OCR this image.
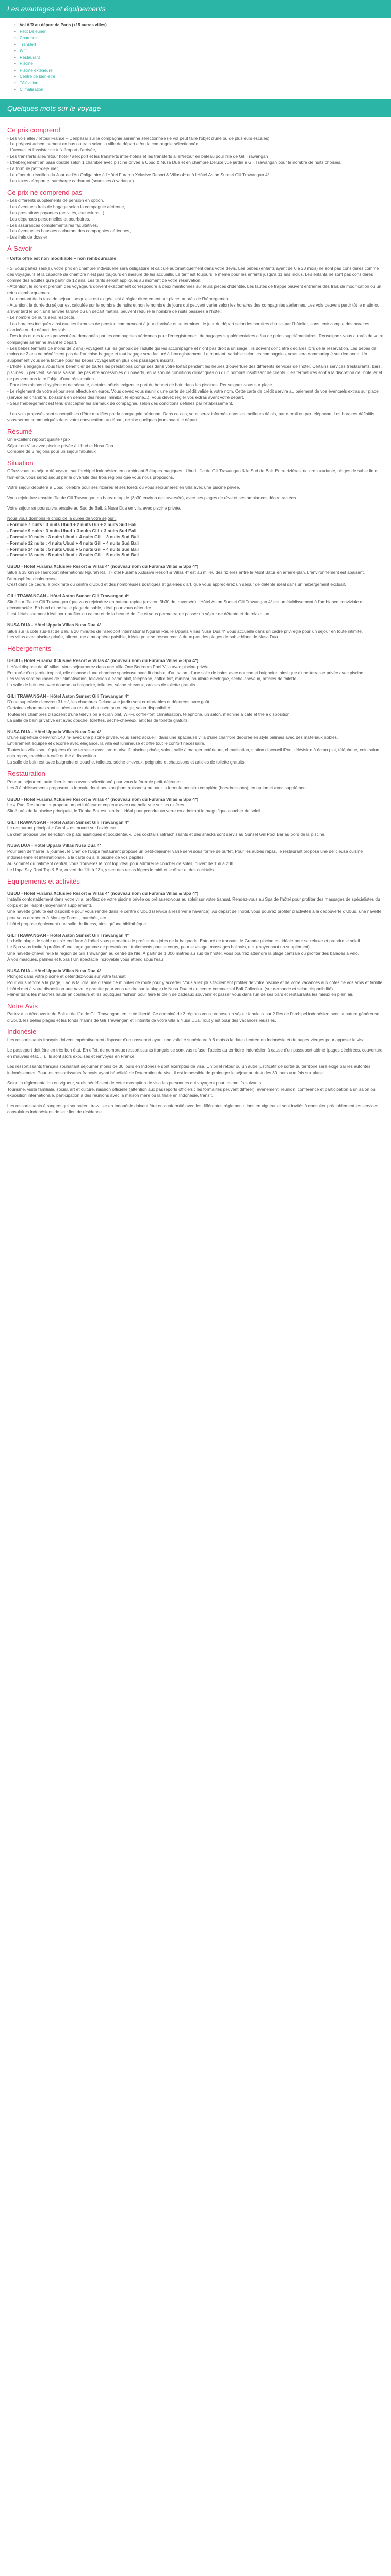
Les avantages et équipements
• Vol A/R au départ de Paris (+15 autres villes)
• Petit Déjeuner
• Chambre
• Transfert
• Wifi
• Restaurant
• Piscine
• Piscine extérieure
• Centre de bien-être
• Télévision
• Climatisation
Quelques mots sur le voyage
Ce prix comprend
- Les vols aller / retour France – Denpasar sur la compagnie aérienne sélectionnée (le vol peut faire l'objet d'une ou de plusieurs escales),
- Le pré/post acheminement en bus ou train selon la ville de départ et/ou la compagnie sélectionnée,
- L'accueil et l'assistance à l'aéroport d'arrivée,
- Les transferts aller/retour hôtel / aéroport et les transferts inter-hôtels et les transferts aller/retour en bateau pour l'île de Gili Trawangan
- L'hébergement en base double selon 1 chambre avec piscine privée à Ubud & Nusa Dua et en chambre Deluxe vue jardin à Gili Trawangan pour le nombre de nuits choisies,
- La formule petit-déjeuner,
- Le dîner du réveillon du Jour de l'An Obligatoire à l'Hôtel Furama Xclusive Resort & Villas 4* et à l'Hôtel Aston Sunset Gili Trawangan 4*
- Les taxes aéroport et surcharge carburant (soumises à variation).
Ce prix ne comprend pas
- Les différents suppléments de pension en option,
- Les éventuels frais de bagage selon la compagnie aérienne,
- Les prestations payantes (activités, excursions...),
- Les dépenses personnelles et pourboires,
- Les assurances complémentaires facultatives,
- Les éventuelles hausses carburant des compagnies aériennes,
- Les frais de dossier
À Savoir
- Cette offre est non modifiable – non remboursable
- Si vous partez seul(e), votre prix en chambre individuelle sera obligatoire et calculé automatiquement dans votre devis. Les bébés (enfants ayant de 0 à 23 mois) ne sont pas considérés comme des voyageurs et la capacité de chambre n'est pas toujours en mesure de les accueillir. Le tarif est toujours le même pour les enfants jusqu'à 11 ans inclus. Les enfants ne sont pas considérés comme des adultes qu'à partir de 12 ans. Les tarifs seront appliqués au moment de votre réservation.
- Attention, le nom et prénom des voyageurs doivent exactement correspondre à ceux mentionnés sur leurs pièces d'identité. Les fautes de frappe peuvent entraîner des frais de modification ou un refus d'embarquement.
- Le montant de la taxe de séjour, lorsqu'elle est exigée, est à régler directement sur place, auprès de l'hébergement.
- Attention, la durée du séjour est calculée sur le nombre de nuits et non le nombre de jours qui peuvent varier selon les horaires des compagnies aériennes. Les vols peuvent partir tôt le matin ou arriver tard le soir, une arrivée tardive ou un départ matinal peuvent réduire le nombre de nuits passées à l'hôtel.
- Le nombre de nuits sera respecté.
- Les horaires indiqués ainsi que les formules de pension commencent à jour d'arrivée et se terminent le jour du départ selon les horaires choisis par l'hôtelier, sans tenir compte des horaires d'arrivée ou de départ des vols.
- Des frais et des taxes peuvent être demandés par les compagnies aériennes pour l'enregistrement de bagages supplémentaires et/ou de poids supplémentaires. Renseignez-vous auprès de votre compagnie aérienne avant le départ.
- Les bébés (enfants de moins de 2 ans) voyagent sur les genoux de l'adulte qui les accompagne et n'ont pas droit à un siège ; ils doivent donc être déclarés lors de la réservation. Les bébés de moins de 2 ans ne bénéficient pas de franchise bagage et tout bagage sera facturé à l'enregistrement. Le montant, variable selon les compagnies, vous sera communiqué sur demande. Un supplément vous sera facturé pour les bébés voyageant en plus des passagers inscrits.
- L'hôtel s'engage à vous faire bénéficier de toutes les prestations comprises dans votre forfait pendant les heures d'ouverture des différents services de l'hôtel. Certains services (restaurants, bars, piscines...) peuvent, selon la saison, ne pas être accessibles ou ouverts, en raison de conditions climatiques ou d'un nombre insuffisant de clients. Ces fermetures sont à la discrétion de l'hôtelier et ne peuvent pas faire l'objet d'une réclamation.
- Pour des raisons d'hygiène et de sécurité, certains hôtels exigent le port du bonnet de bain dans les piscines. Renseignez-vous sur place.
- Le règlement de votre séjour sera effectué en euros. Vous devez vous munir d'une carte de crédit valide à votre nom. Cette carte de crédit servira au paiement de vos éventuels extras sur place (service en chambre, boissons en dehors des repas, minibar, téléphone...). Vous devez régler vos extras avant votre départ.
- Seul l'hébergement est tenu d'accepter les animaux de compagnie, selon des conditions définies par l'établissement.
- Les vols proposés sont susceptibles d'être modifiés par la compagnie aérienne. Dans ce cas, vous serez informés dans les meilleurs délais, par e-mail ou par téléphone. Les horaires définitifs vous seront communiqués dans votre convocation au départ, remise quelques jours avant le départ.
Résumé
Un excellent rapport qualité / prix
Séjour en Villa avec piscine privée à Ubud et Nusa Dua
Combiné de 3 régions pour un séjour fabuleux
Situation
Offrez-vous un séjour dépaysant sur l'archipel Indonésien en combinant 3 étapes magiques : Ubud, l'île de Gili Trawangan & le Sud de Bali. Entre rizières, nature luxuriante, plages de sable fin et farniente, vous serez séduit par la diversité des trois régions que vous nous proposons.
Votre séjour débutera à Ubud, célèbre pour ses rizières et ses forêts où vous séjournerez en villa avec une piscine privée.
Vous rejoindrez ensuite l'île de Gili Trawangan en bateau rapide (3h30 environ de traversée), avec ses plages de rêve et ses ambiances décontractées.
Votre séjour se poursuivra ensuite au Sud de Bali, à Nusa Dua en villa avec piscine privée.
Nous vous donnons le choix de la durée de votre séjour :
- Formule 7 nuits : 3 nuits Ubud + 2 nuits Gili + 2 nuits Sud Bali
- Formule 9 nuits : 3 nuits Ubud + 3 nuits Gili + 3 nuits Sud Bali
- Formule 10 nuits : 3 nuits Ubud + 4 nuits Gili + 3 nuits Sud Bali
- Formule 12 nuits : 4 nuits Ubud + 4 nuits Gili + 4 nuits Sud Bali
- Formule 14 nuits : 5 nuits Ubud + 5 nuits Gili + 4 nuits Sud Bali
- Formule 18 nuits : 5 nuits Ubud + 8 nuits Gili + 5 nuits Sud Bali
UBUD - Hôtel Furama Xclusive Resort & Villas 4* (nouveau nom du Furama Villas & Spa 4*)
Situé à 35 km de l'aéroport international Ngurah Rai, l'Hôtel Furama Xclusive Resort & Villas 4* est au milieu des rizières entre le Mont Batur en arrière-plan. L'environnement est apaisant, l'atmosphère chaleureuse.
C'est dans ce cadre, à proximité du centre d'Ubud et des nombreuses boutiques et galeries d'art, que vous apprécierez un séjour de détente idéal dans un hébergement exclusif.
GILI TRAWANGAN - Hôtel Aston Sunset Gili Trawangan 4*
Situé sur l'île de Gili Trawangan (que vous rejoindrez en bateau rapide (environ 3h30 de traversée), l'Hôtel Aston Sunset Gili Trawangan 4* est un établissement à l'ambiance conviviale et décontractée. En bord d'une belle plage de sable, idéal pour vous détendre.
Il est l'établissement idéal pour profiter du calme et de la beauté de l'île et vous permettra de passer un séjour de détente et de relaxation.
NUSA DUA - Hôtel Uppala Villas Nusa Dua 4*
Situé sur la côte sud-est de Bali, à 20 minutes de l'aéroport international Ngurah Rai, le Uppala Villas Nusa Dua 4* vous accueille dans un cadre privilégié pour un séjour en toute intimité.
Les villas avec piscine privée, offrent une atmosphère paisible, idéale pour se ressourcer, à deux pas des plages de sable blanc de Nusa Dua.
Hébergements
UBUD - Hôtel Furama Xclusive Resort & Villas 4* (nouveau nom du Furama Villas & Spa 4*)
L'Hôtel dispose de 40 villas. Vous séjournerez dans une Villa One Bedroom Pool Villa avec piscine privée.
Entourée d'un jardin tropical, elle dispose d'une chambre spacieuse avec lit double, d'un salon, d'une salle de bains avec douche et baignoire, ainsi que d'une terrasse privée avec piscine.
Les villas sont équipées de : climatisation, télévision à écran plat, téléphone, coffre-fort, minibar, bouilloire électrique, sèche-cheveux, articles de toilette.
La salle de bain est avec douche ou baignoire, toilettes, sèche-cheveux, articles de toilette gratuits.
GILI TRAWANGAN - Hôtel Aston Sunset Gili Trawangan 4*
D'une superficie d'environ 31 m², les chambres Deluxe vue jardin sont confortables et décorées avec goût.
Certaines chambres sont situées au rez-de-chaussée ou en étage, selon disponibilité.
Toutes les chambres disposent d'une télévision à écran plat, Wi-Fi, coffre-fort, climatisation, téléphone, un salon, machine à café et thé à disposition.
La salle de bain privative est avec douche, toilettes, sèche-cheveux, articles de toilette gratuits.
NUSA DUA - Hôtel Uppala Villas Nusa Dua 4*
D'une superficie d'environ 140 m² avec une piscine privée, vous serez accueilli dans une spacieuse villa d'une chambre décorée en style balinais avec des matériaux nobles.
Entièrement équipée et décorée avec élégance, la villa est lumineuse et offre tout le confort nécessaire.
Toutes les villas sont équipées d'une terrasse avec jardin privatif, piscine privée, salon, salle à manger extérieure, climatisation, station d'accueil iPod, télévision à écran plat, téléphone, coin salon, coin repas, machine à café et thé à disposition.
La salle de bain est avec baignoire et douche, toilettes, sèche-cheveux, peignoirs et chaussons et articles de toilette gratuits.
Restauration
Pour un séjour en toute liberté, nous avons sélectionné pour vous la formule petit-déjeuner.
Les 3 établissements proposent la formule demi-pension (hors boissons) ou pour la formule pension complète (hors boissons), en option et avec supplément.
UBUD - Hôtel Furama Xclusive Resort & Villas 4* (nouveau nom du Furama Villas & Spa 4*)
Le « Padi Restaurant » propose un petit déjeuner copieux avec une belle vue sur les rizières.
Situé près de la piscine principale, le Tirtaka Bar est l'endroit idéal pour prendre un verre en admirant le magnifique coucher de soleil.
GILI TRAWANGAN - Hôtel Aston Sunset Gili Trawangan 4*
Le restaurant principal « Coral » est ouvert sur l'extérieur.
La chef propose une sélection de plats asiatiques et occidentaux. Des cocktails rafraîchissants et des snacks sont servis au Sunset Gili Pool Bar au bord de la piscine.
NUSA DUA - Hôtel Uppala Villas Nusa Dua 4*
Pour bien démarrer la journée, le Chef de l'Uppa restaurant propose un petit-déjeuner varié servi sous forme de buffet. Pour les autres repas, le restaurant propose une délicieuse cuisine indonésienne et internationale, à la carte ou à la piscine de vos papilles.
Au sommet du bâtiment central, vous trouverez le roof top idéal pour admirer le coucher de soleil, ouvert de 16h à 23h.
Le Uppa Sky Roof Top & Bar, ouvert de 11h à 23h, y sert des repas légers le midi et le dîner et des cocktails.
Equipements et activités
UBUD - Hôtel Furama Xclusive Resort & Villas 4* (nouveau nom du Furama Villas & Spa 4*)
Installé confortablement dans votre villa, profitez de votre piscine privée ou prélassez-vous au soleil sur votre transat. Rendez-vous au Spa de l'hôtel pour profiter des massages de spécialistes du corps et de l'esprit (moyennant supplément).
Une navette gratuite est disponible pour vous rendre dans le centre d'Ubud (service à réserver à l'avance). Au départ de l'hôtel, vous pourrez profiter d'activités à la découverte d'Ubud, une navette peut vous emmener à Monkey Forest, marchés, etc.
L'hôtel propose également une salle de fitness, ainsi qu'une bibliothèque.
GILI TRAWANGAN - Hôtel Aston Sunset Gili Trawangan 4*
La belle plage de sable qui s'étend face à l'hôtel vous permettra de profiter des joies de la baignade. Entouré de transats, le Grande piscine est idéale pour se relaxer et prendre le soleil.
Le Spa vous invite à profiter d'une large gamme de prestations : traitements pour le corps, pour le visage, massages balinais, etc. (moyennant un supplément).
Une navette-cheval relie la région de Gili Trawangan au centre de l'île. À partir de 1 000 mètres au sud de l'hôtel, vous pourrez atteindre la plage centrale ou profiter des balades à vélo.
À vos masques, palmes et tubas ! Un spectacle incroyable vous attend sous l'eau.
NUSA DUA - Hôtel Uppala Villas Nusa Dua 4*
Plongez dans votre piscine et détendez-vous sur votre transat.
Pour vous rendre à la plage, il vous faudra une dizaine de minutes de route pour y accéder. Vous allez plus facilement profiter de votre piscine et de votre vacances aux côtés de vos amis et famille.
L'hôtel met à votre disposition une navette gratuite pour vous rendre sur la plage de Nusa Dua et au centre commercial Bali Collection (sur demande et selon disponibilité).
Flâner dans les marchés hauts en couleurs et les boutiques fashion pour faire le plein de cadeaux souvenir et passer vous dans l'un de ses bars et restaurants les mieux en plein air.
Notre Avis
Partez à la découverte de Bali et de l'île de Gili Trawangan, en toute liberté. Ce combiné de 3 régions vous propose un séjour fabuleux sur 2 îles de l'archipel indonésien avec la nature généreuse d'Ubud, les belles plages et les fonds marins de Gili Trawangan et l'intimité de votre villa à Nusa Dua. Tout y est pour des vacances réussies.
Indonésie
Les ressortissants français doivent impérativement disposer d'un passeport ayant une validité supérieure à 6 mois à la date d'entrée en Indonésie et de pages vierges pour apposer le visa.
Le passeport doit être en très bon état. En effet, de nombreux ressortissants français se sont vus refuser l'accès au territoire indonésien à cause d'un passeport abîmé (pages déchirées, couverture en mauvais état, ...). Ils sont alors expulsés et renvoyés en France.
Les ressortissants français souhaitant séjourner moins de 30 jours en Indonésie sont exemptés de visa. Un billet retour ou un autre justificatif de sortie du territoire sera exigé par les autorités indonésiennes. Pour les ressortissants français ayant bénéficié de l'exemption de visa, il est impossible de prolonger le séjour au-delà des 30 jours une fois sur place.
Selon la réglementation en vigueur, seuls bénéficient de cette exemption de visa les personnes qui voyagent pour les motifs suivants :
Tourisme, visite familiale, social, art et culture, mission officielle (attention aux passeports officiels : les formalités peuvent différer), événement, réunion, conférence et participation à un salon ou exposition internationale, participation à des réunions avec la maison mère ou la filiale en Indonésie, transit.
Les ressortissants étrangers qui souhaitent travailler en Indonésie doivent être en conformité avec les différentes réglementations en vigueur et sont invités à consulter préalablement les services consulaires indonésiens de leur lieu de résidence.
